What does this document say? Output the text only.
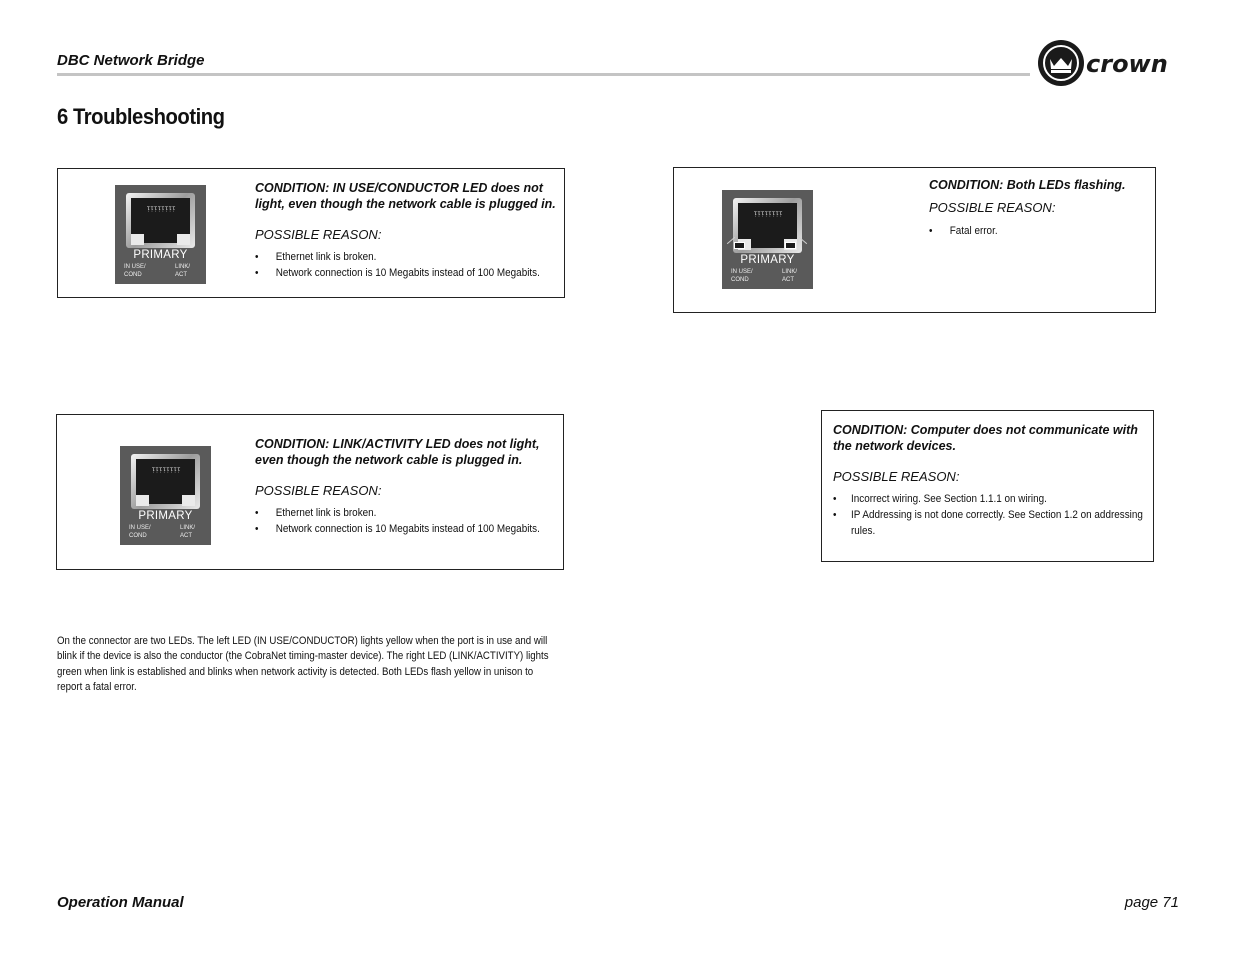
DBC Network Bridge	crown
6 Troubleshooting
ᴉᴉᴉᴉᴉᴉᴉᴉ
PRIMARY
IN USE/
COND
LINK/
ACT
CONDITION: IN USE/CONDUCTOR LED does not light, even though the network cable is plugged in.
POSSIBLE REASON:
• Ethernet link is broken.
• Network connection is 10 Megabits instead of 100 Megabits.
ᴉᴉᴉᴉᴉᴉᴉᴉ
PRIMARY
IN USE/
COND
LINK/
ACT
CONDITION: Both LEDs flashing.
POSSIBLE REASON:
• Fatal error.
ᴉᴉᴉᴉᴉᴉᴉᴉ
PRIMARY
IN USE/
COND
LINK/
ACT
CONDITION: LINK/ACTIVITY LED does not light, even though the network cable is plugged in.
POSSIBLE REASON:
• Ethernet link is broken.
• Network connection is 10 Megabits instead of 100 Megabits.
CONDITION: Computer does not communicate with the network devices.
POSSIBLE REASON:
• Incorrect wiring. See Section 1.1.1 on wiring.
• IP Addressing is not done correctly. See Section 1.2 on addressing rules.
On the connector are two LEDs. The left LED (IN USE/CONDUCTOR) lights yellow when the port is in use and will
blink if the device is also the conductor (the CobraNet timing-master device). The right LED (LINK/ACTIVITY) lights
green when link is established and blinks when network activity is detected. Both LEDs flash yellow in unison to
report a fatal error.
Operation Manual	page 71
